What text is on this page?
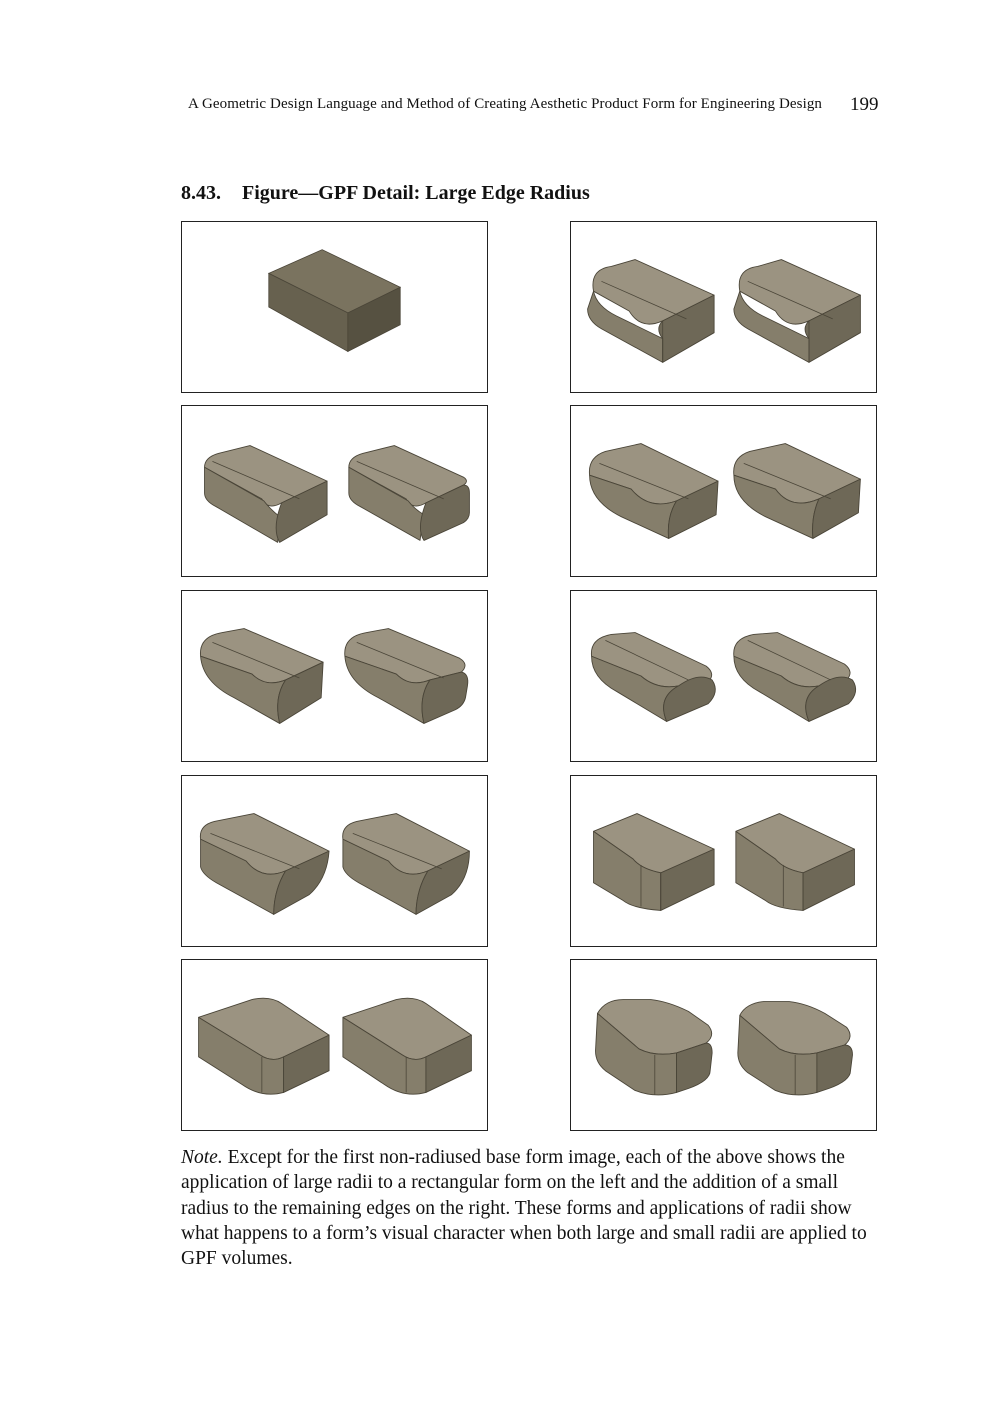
A Geometric Design Language and Method of Creating Aesthetic Product Form for Engineering Design 199
8.43. Figure—GPF Detail: Large Edge Radius
Note. Except for the first non-radiused base form image, each of the above shows the application of large radii to a rectangular form on the left and the addition of a small radius to the remaining edges on the right. These forms and applications of radii show what happens to a form’s visual character when both large and small radii are applied to GPF volumes.
